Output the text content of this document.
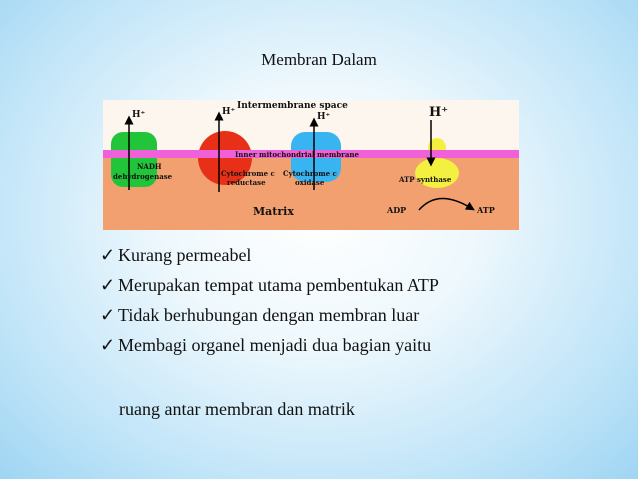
Membran Dalam
Intermembrane space
H⁺	H⁺	H⁺	H⁺
Inner mitochondrial membrane
NADH
dehydrogenase	Cytochrome c
reductase
Cytochrome c
oxidase	ATP synthase
Matrix	ADP	ATP
✓ Kurang permeabel
✓ Merupakan tempat utama pembentukan ATP
✓ Tidak berhubungan dengan membran luar
✓ Membagi organel menjadi dua bagian yaitu
ruang antar membran dan matrik
